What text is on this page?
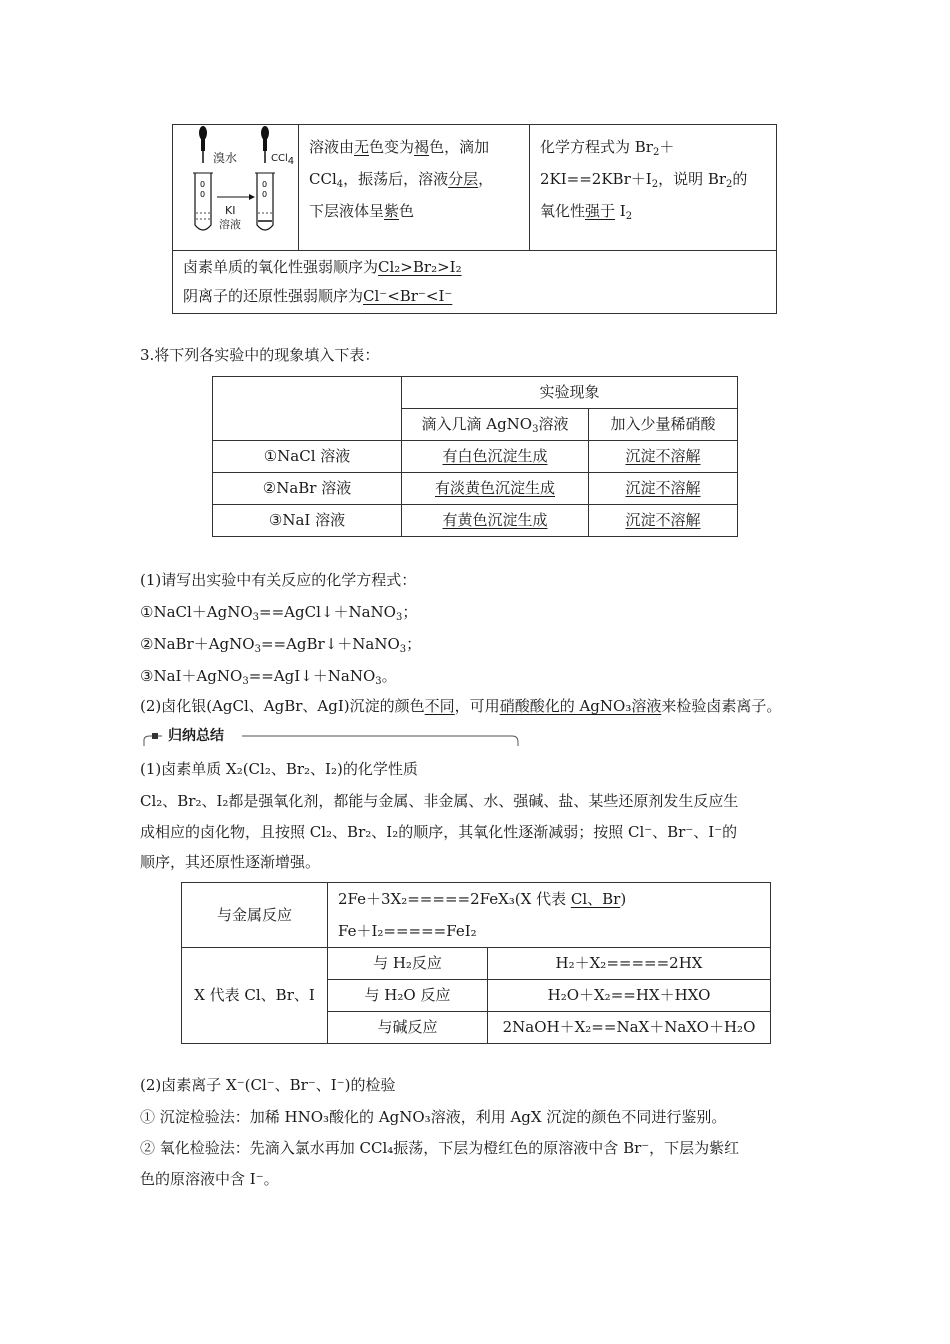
0
0
0
0
溴水	CCl$_4$
KI
溶液

溶液由无色变为褐色，滴加
CCl$_4$，振荡后，溶液分层，
下层液体呈紫色

化学方程式为 $Br_2+$
$2KI==2KBr+I_2$，说明 $Br_2$的
氧化性强于 $I_2$

卤素单质的氧化性强弱顺序为Cl₂>Br₂>I₂
阴离子的还原性强弱顺序为Cl⁻<Br⁻<I⁻
3.将下列各实验中的现象填入下表：
	实验现象	
	滴入几滴 AgNO$_3$溶液	加入少量稀硝酸
①NaCl 溶液	有白色沉淀生成	沉淀不溶解
②NaBr 溶液	有淡黄色沉淀生成	沉淀不溶解
③NaI 溶液	有黄色沉淀生成	沉淀不溶解
(1)请写出实验中有关反应的化学方程式：
①NaCl＋AgNO$_3$==AgCl↓＋NaNO$_3$；
②NaBr＋AgNO$_3$==AgBr↓＋NaNO$_3$；
③NaI＋AgNO$_3$==AgI↓＋NaNO$_3$。
(2)卤化银(AgCl、AgBr、AgI)沉淀的颜色不同，可用硝酸酸化的 AgNO₃溶液来检验卤素离子。
归纳总结
(1)卤素单质 X₂(Cl₂、Br₂、I₂)的化学性质
Cl₂、Br₂、I₂都是强氧化剂，都能与金属、非金属、水、强碱、盐、某些还原剂发生反应生
成相应的卤化物，且按照 Cl₂、Br₂、I₂的顺序，其氧化性逐渐减弱；按照 Cl⁻、Br⁻、I⁻的
顺序，其还原性逐渐增强。
与金属反应	2Fe＋3X₂=====2FeX₃(X 代表 Cl、Br)
Fe＋I₂=====FeI₂	

X 代表 Cl、Br、I	与 H₂反应	H₂＋X₂=====2HX
	与 H₂O 反应	H₂O＋X₂==HX＋HXO
	与碱反应	2NaOH＋X₂==NaX＋NaXO＋H₂O
(2)卤素离子 X⁻(Cl⁻、Br⁻、I⁻)的检验
① 沉淀检验法：加稀 HNO₃酸化的 AgNO₃溶液，利用 AgX 沉淀的颜色不同进行鉴别。
② 氧化检验法：先滴入氯水再加 CCl₄振荡，下层为橙红色的原溶液中含 Br⁻，下层为紫红
色的原溶液中含 I⁻。
